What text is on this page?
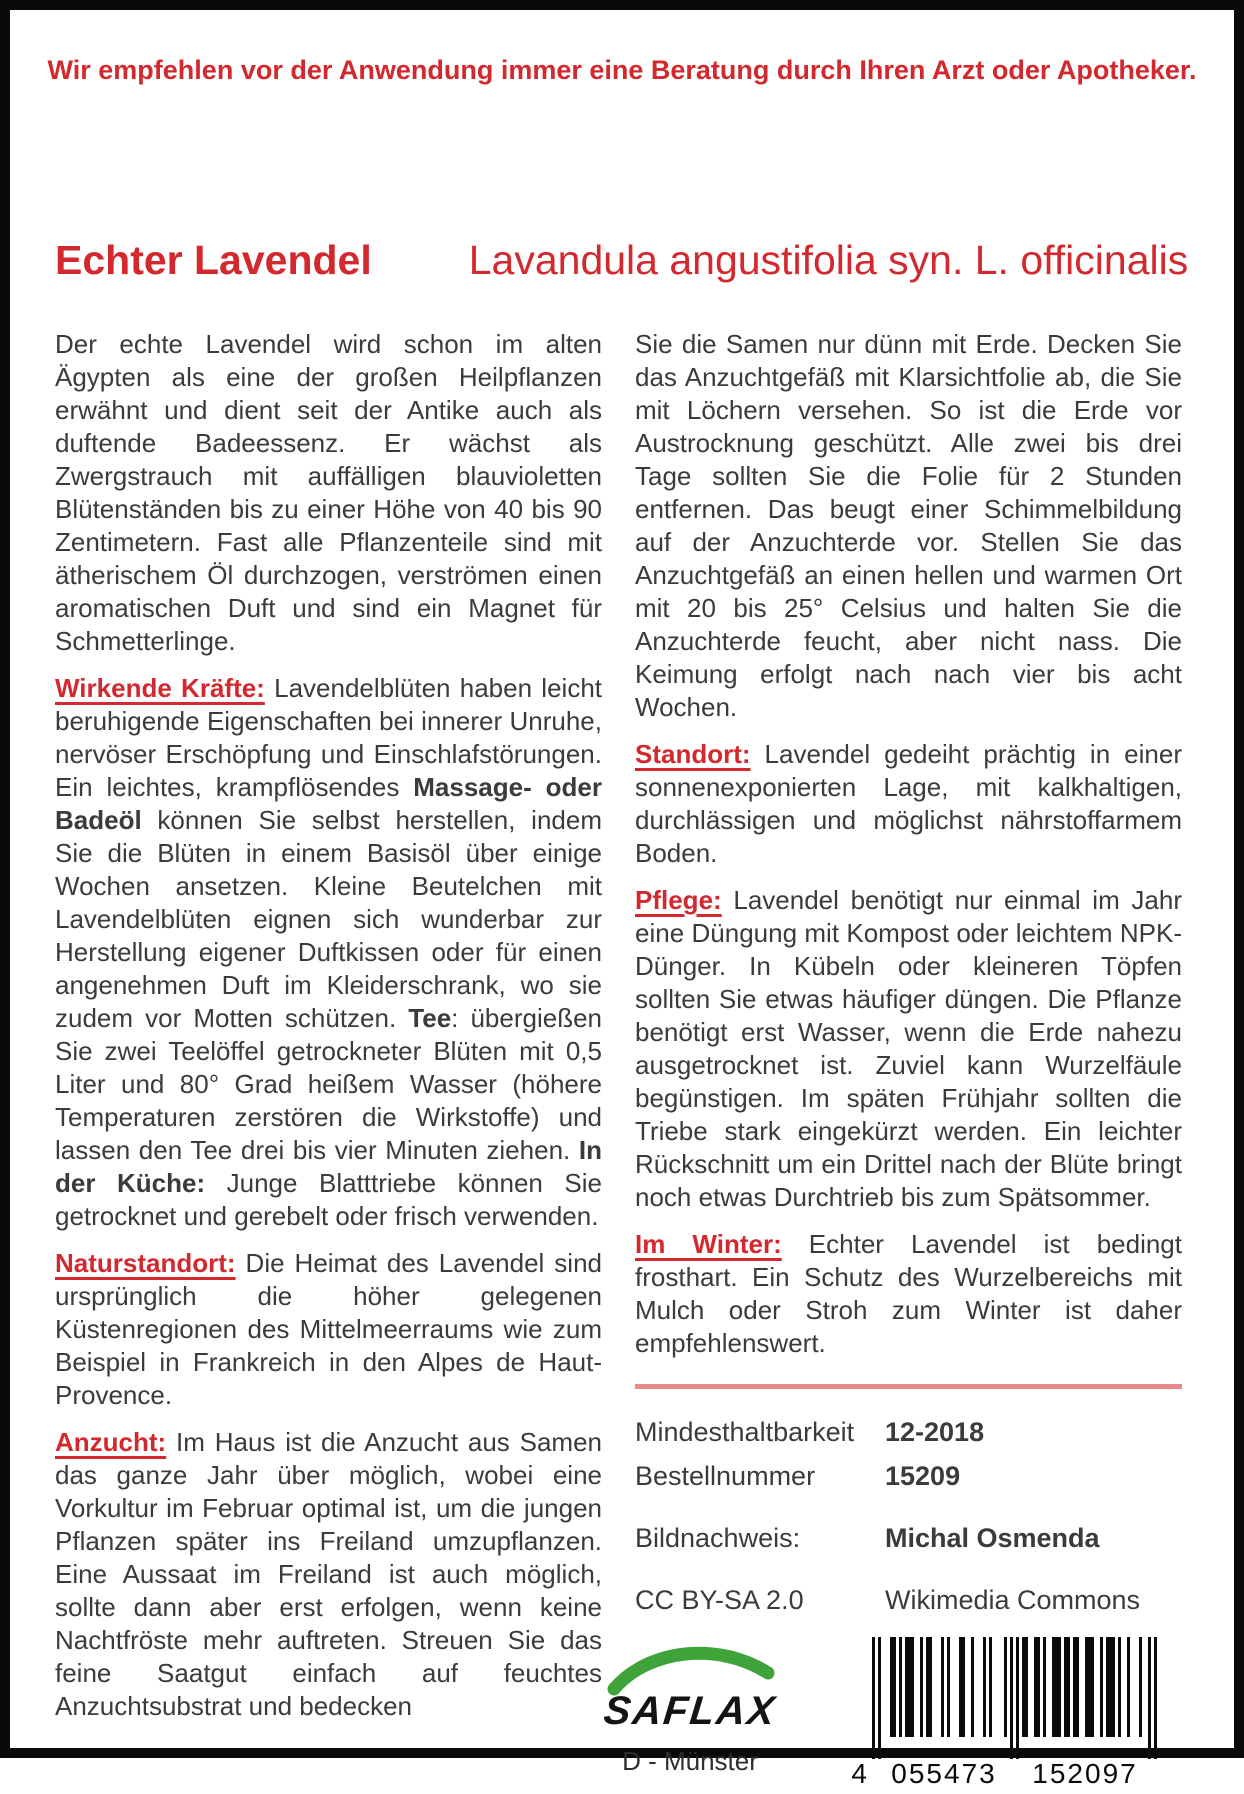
Wir empfehlen vor der Anwendung immer eine Beratung durch Ihren Arzt oder Apotheker.
Echter Lavendel Lavandula angustifolia syn. L. officinalis

Der echte Lavendel wird schon im alten Ägypten als eine der großen Heilpflanzen erwähnt und dient seit der Antike auch als duftende Badeessenz. Er wächst als Zwergstrauch mit auffälligen blauvioletten Blütenständen bis zu einer Höhe von 40 bis 90 Zentimetern. Fast alle Pflanzenteile sind mit ätherischem Öl durchzogen, verströmen einen aromatischen Duft und sind ein Magnet für Schmetterlinge.

Wirkende Kräfte: Lavendelblüten haben leicht beruhigende Eigenschaften bei innerer Unruhe, nervöser Erschöpfung und Einschlafstörungen. Ein leichtes, krampflösendes Massage- oder Badeöl können Sie selbst herstellen, indem Sie die Blüten in einem Basisöl über einige Wochen ansetzen. Kleine Beutelchen mit Lavendelblüten eignen sich wunderbar zur Herstellung eigener Duftkissen oder für einen angenehmen Duft im Kleiderschrank, wo sie zudem vor Motten schützen. Tee: übergießen Sie zwei Teelöffel getrockneter Blüten mit 0,5 Liter und 80° Grad heißem Wasser (höhere Temperaturen zerstören die Wirkstoffe) und lassen den Tee drei bis vier Minuten ziehen. In der Küche: Junge Blatttriebe können Sie getrocknet und gerebelt oder frisch verwenden.

Naturstandort: Die Heimat des Lavendel sind ursprünglich die höher gelegenen Küstenregionen des Mittelmeerraums wie zum Beispiel in Frankreich in den Alpes de Haut-Provence.

Anzucht: Im Haus ist die Anzucht aus Samen das ganze Jahr über möglich, wobei eine Vorkultur im Februar optimal ist, um die jungen Pflanzen später ins Freiland umzupflanzen. Eine Aussaat im Freiland ist auch möglich, sollte dann aber erst erfolgen, wenn keine Nachtfröste mehr auftreten. Streuen Sie das feine Saatgut einfach auf feuchtes Anzuchtsubstrat und bedecken

Sie die Samen nur dünn mit Erde. Decken Sie das Anzuchtgefäß mit Klarsichtfolie ab, die Sie mit Löchern versehen. So ist die Erde vor Austrocknung geschützt. Alle zwei bis drei Tage sollten Sie die Folie für 2 Stunden entfernen. Das beugt einer Schimmelbildung auf der Anzuchterde vor. Stellen Sie das Anzuchtgefäß an einen hellen und warmen Ort mit 20 bis 25° Celsius und halten Sie die Anzuchterde feucht, aber nicht nass. Die Keimung erfolgt nach nach vier bis acht Wochen.

Standort: Lavendel gedeiht prächtig in einer sonnenexponierten Lage, mit kalkhaltigen, durchlässigen und möglichst nährstoffarmem Boden.

Pflege: Lavendel benötigt nur einmal im Jahr eine Düngung mit Kompost oder leichtem NPK-Dünger. In Kübeln oder kleineren Töpfen sollten Sie etwas häufiger düngen. Die Pflanze benötigt erst Wasser, wenn die Erde nahezu ausgetrocknet ist. Zuviel kann Wurzelfäule begünstigen. Im späten Frühjahr sollten die Triebe stark eingekürzt werden. Ein leichter Rückschnitt um ein Drittel nach der Blüte bringt noch etwas Durchtrieb bis zum Spätsommer.

Im Winter: Echter Lavendel ist bedingt frosthart. Ein Schutz des Wurzelbereichs mit Mulch oder Stroh zum Winter ist daher empfehlenswert.

Mindesthaltbarkeit	12-2018
Bestellnummer	15209
Bildnachweis:	Michal Osmenda
CC BY-SA 2.0	Wikimedia Commons
SAFLAX
D - Münster	4 055473 152097
